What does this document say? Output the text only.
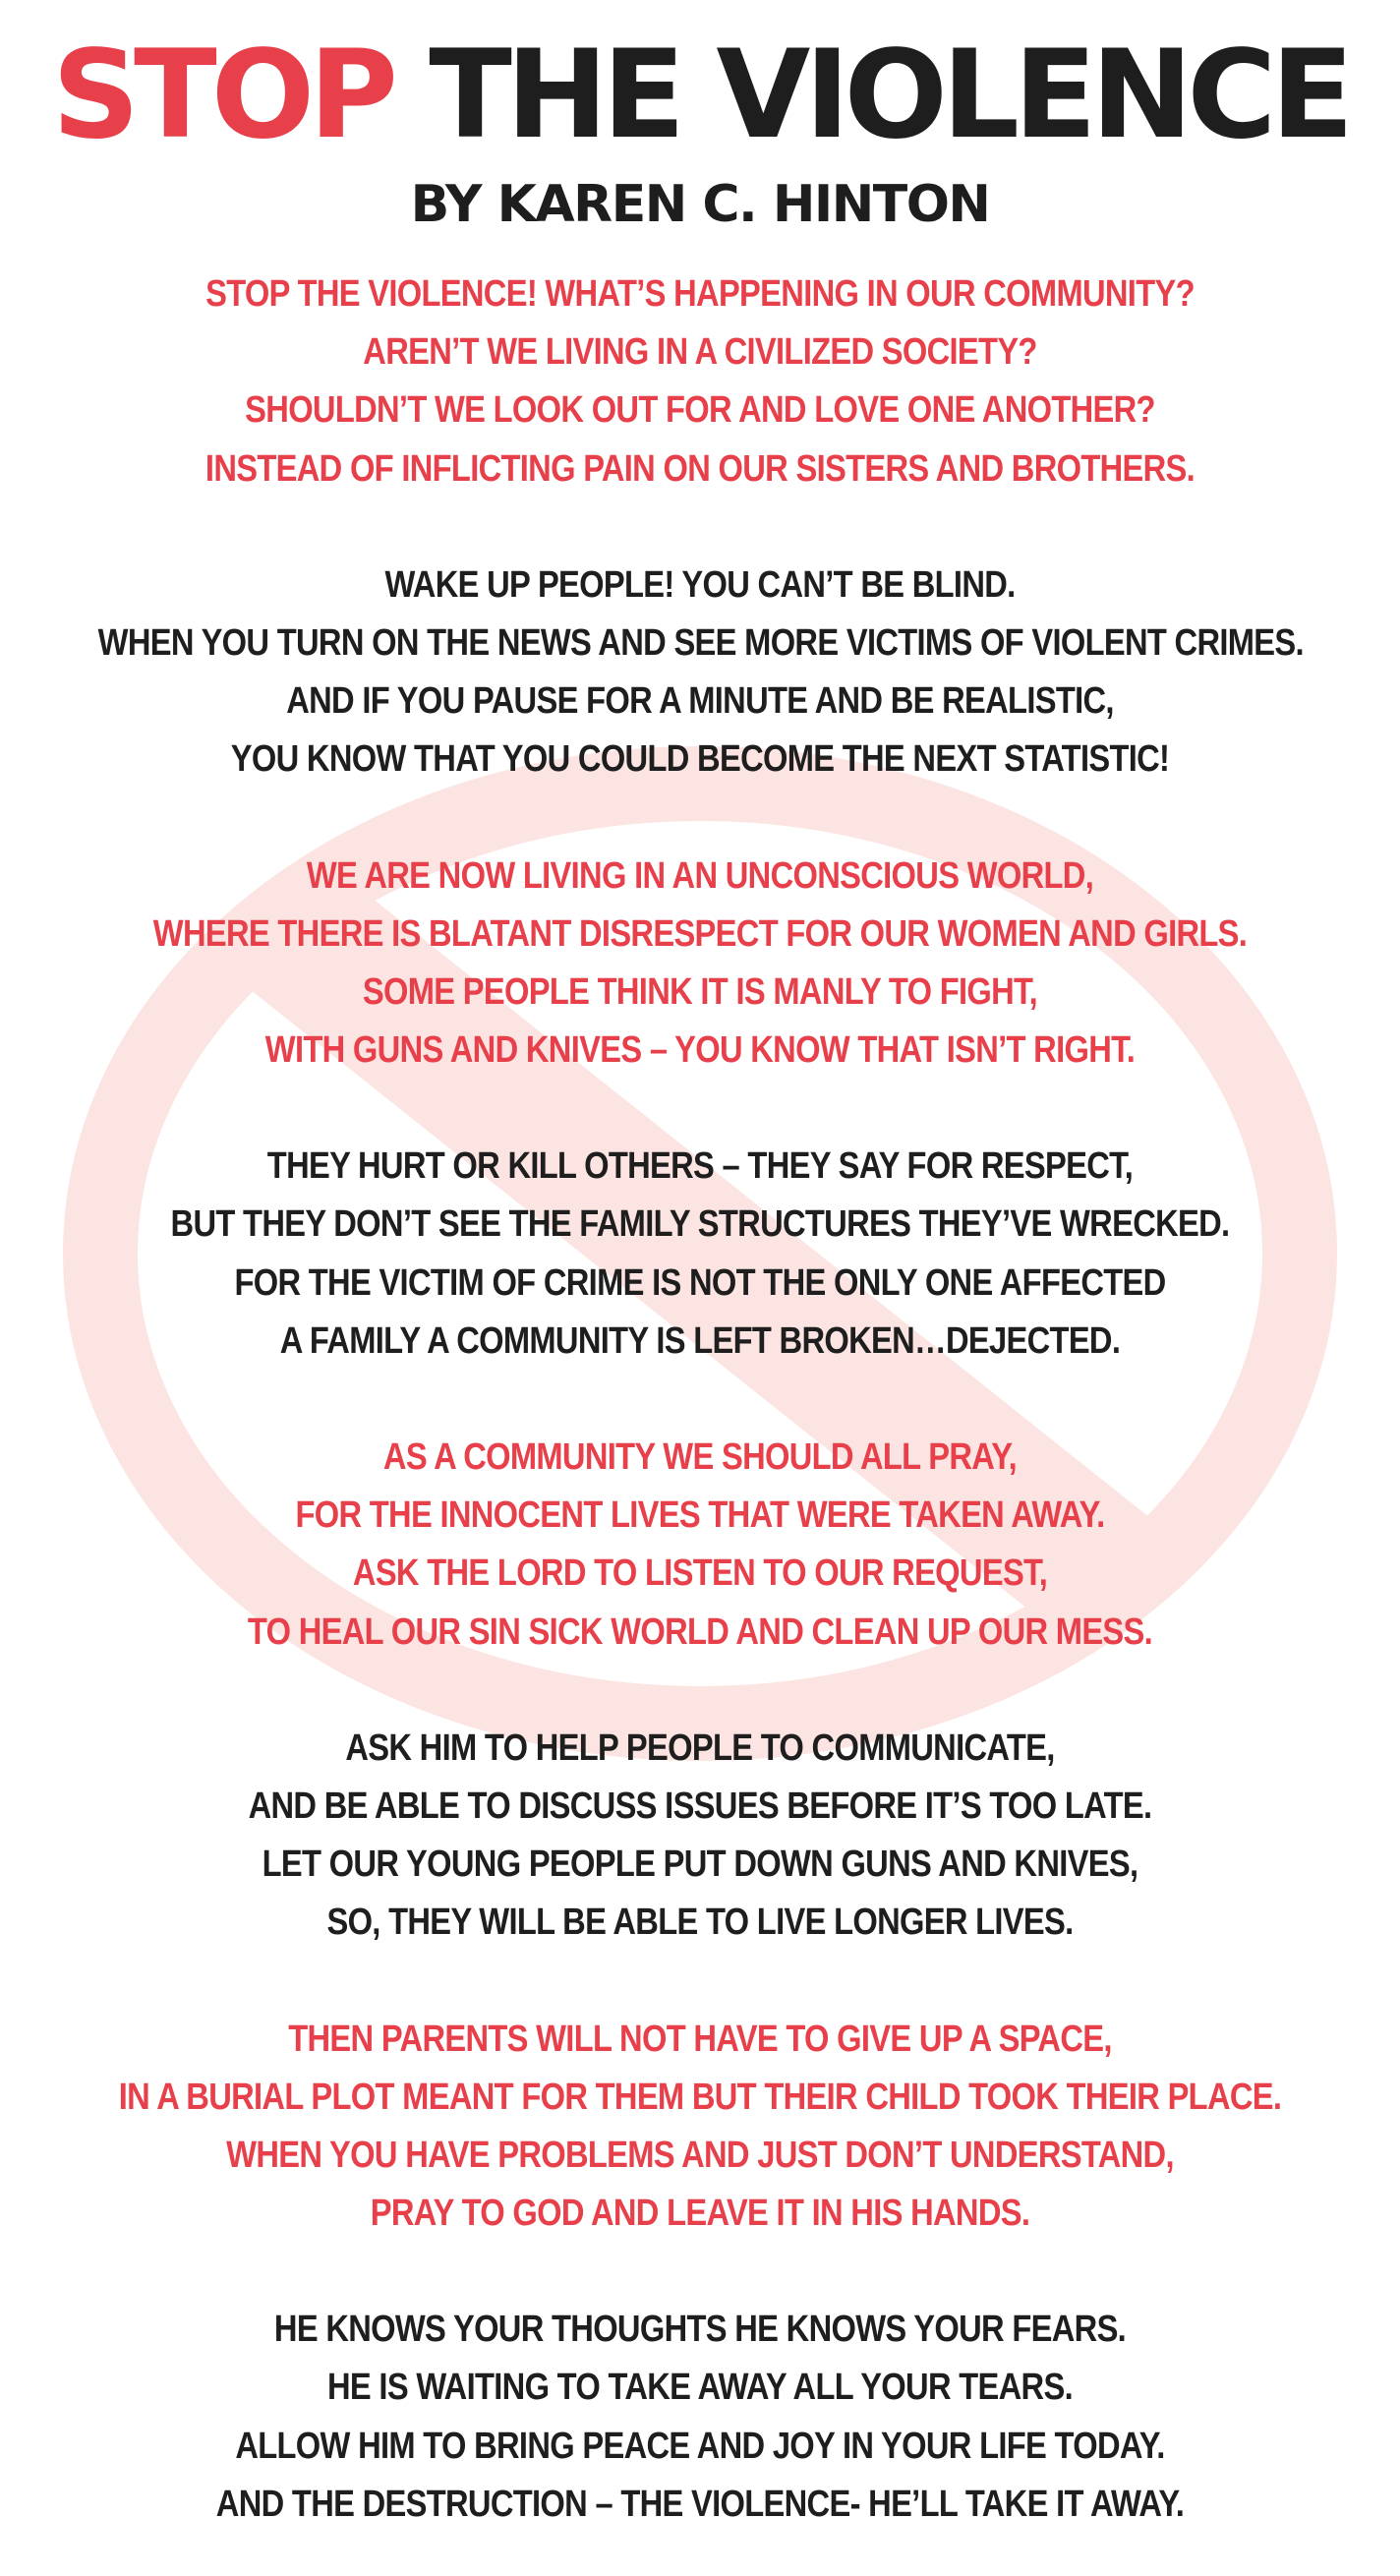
STOP THE VIOLENCE
BY KAREN C. HINTON
STOP THE VIOLENCE! WHAT’S HAPPENING IN OUR COMMUNITY?
AREN’T WE LIVING IN A CIVILIZED SOCIETY?
SHOULDN’T WE LOOK OUT FOR AND LOVE ONE ANOTHER?
INSTEAD OF INFLICTING PAIN ON OUR SISTERS AND BROTHERS.
WAKE UP PEOPLE! YOU CAN’T BE BLIND.
WHEN YOU TURN ON THE NEWS AND SEE MORE VICTIMS OF VIOLENT CRIMES.
AND IF YOU PAUSE FOR A MINUTE AND BE REALISTIC,
YOU KNOW THAT YOU COULD BECOME THE NEXT STATISTIC!
WE ARE NOW LIVING IN AN UNCONSCIOUS WORLD,
WHERE THERE IS BLATANT DISRESPECT FOR OUR WOMEN AND GIRLS.
SOME PEOPLE THINK IT IS MANLY TO FIGHT,
WITH GUNS AND KNIVES – YOU KNOW THAT ISN’T RIGHT.
THEY HURT OR KILL OTHERS – THEY SAY FOR RESPECT,
BUT THEY DON’T SEE THE FAMILY STRUCTURES THEY’VE WRECKED.
FOR THE VICTIM OF CRIME IS NOT THE ONLY ONE AFFECTED
A FAMILY A COMMUNITY IS LEFT BROKEN…DEJECTED.
AS A COMMUNITY WE SHOULD ALL PRAY,
FOR THE INNOCENT LIVES THAT WERE TAKEN AWAY.
ASK THE LORD TO LISTEN TO OUR REQUEST,
TO HEAL OUR SIN SICK WORLD AND CLEAN UP OUR MESS.
ASK HIM TO HELP PEOPLE TO COMMUNICATE,
AND BE ABLE TO DISCUSS ISSUES BEFORE IT’S TOO LATE.
LET OUR YOUNG PEOPLE PUT DOWN GUNS AND KNIVES,
SO, THEY WILL BE ABLE TO LIVE LONGER LIVES.
THEN PARENTS WILL NOT HAVE TO GIVE UP A SPACE,
IN A BURIAL PLOT MEANT FOR THEM BUT THEIR CHILD TOOK THEIR PLACE.
WHEN YOU HAVE PROBLEMS AND JUST DON’T UNDERSTAND,
PRAY TO GOD AND LEAVE IT IN HIS HANDS.
HE KNOWS YOUR THOUGHTS HE KNOWS YOUR FEARS.
HE IS WAITING TO TAKE AWAY ALL YOUR TEARS.
ALLOW HIM TO BRING PEACE AND JOY IN YOUR LIFE TODAY.
AND THE DESTRUCTION – THE VIOLENCE- HE’LL TAKE IT AWAY.
